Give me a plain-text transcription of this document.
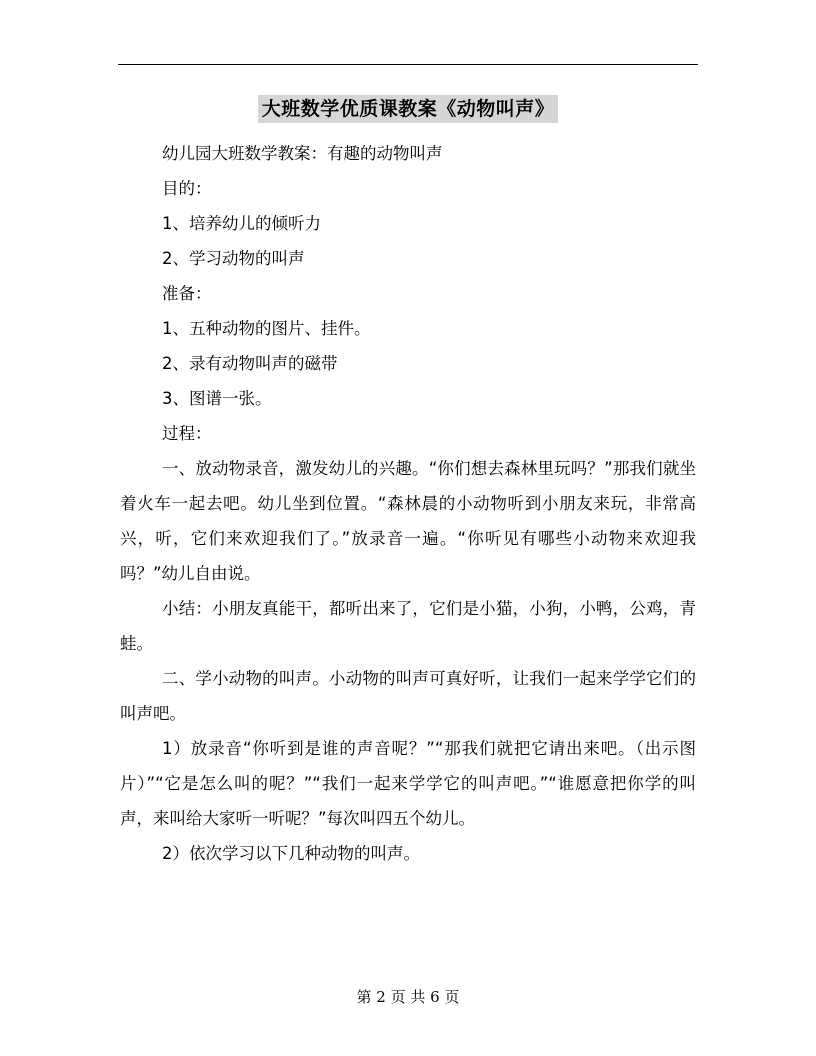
大班数学优质课教案《动物叫声》

幼儿园大班数学教案：有趣的动物叫声

目的：

1、培养幼儿的倾听力

2、学习动物的叫声

准备：

1、五种动物的图片、挂件。

2、录有动物叫声的磁带

3、图谱一张。

过程：

一、放动物录音，激发幼儿的兴趣。“你们想去森林里玩吗？”那我们就坐着火车一起去吧。幼儿坐到位置。“森林晨的小动物听到小朋友来玩，非常高兴，听，它们来欢迎我们了。”放录音一遍。“你听见有哪些小动物来欢迎我吗？”幼儿自由说。

小结：小朋友真能干，都听出来了，它们是小猫，小狗，小鸭，公鸡，青蛙。

二、学小动物的叫声。小动物的叫声可真好听，让我们一起来学学它们的叫声吧。

1）放录音“你听到是谁的声音呢？”“那我们就把它请出来吧。（出示图片）”“它是怎么叫的呢？”“我们一起来学学它的叫声吧。”“谁愿意把你学的叫声，来叫给大家听一听呢？”每次叫四五个幼儿。

2）依次学习以下几种动物的叫声。

第 2 页 共 6 页
